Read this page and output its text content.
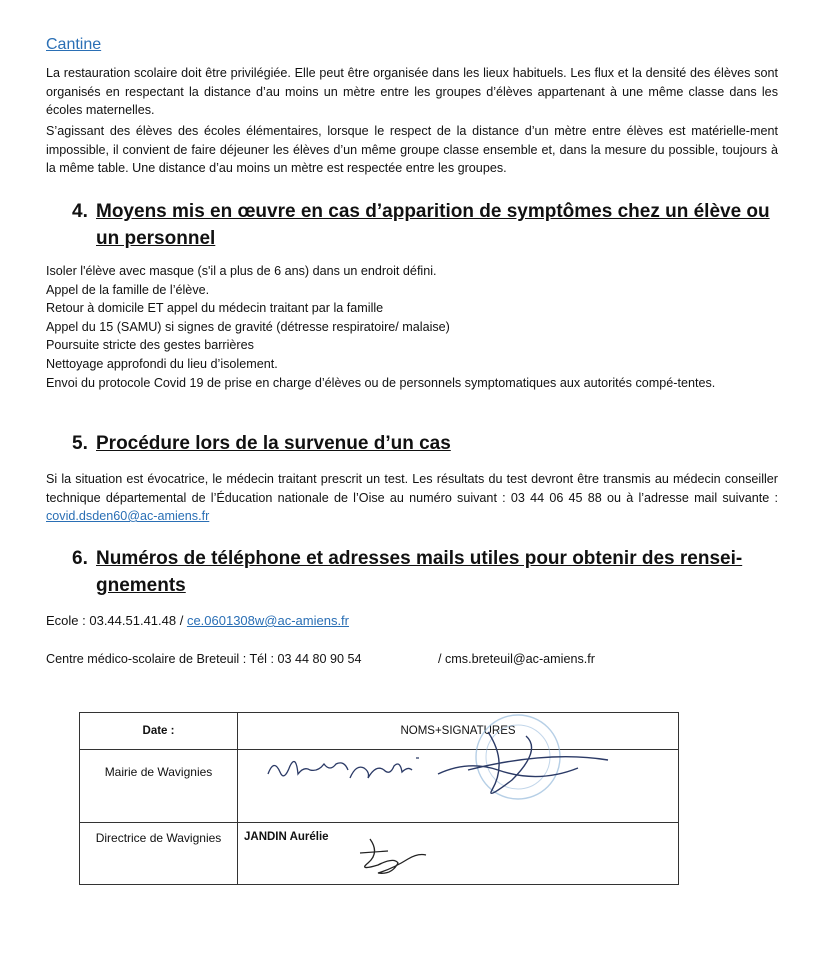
Cantine

La restauration scolaire doit être privilégiée. Elle peut être organisée dans les lieux habituels. Les flux et la densité des élèves sont organisés en respectant la distance d’au moins un mètre entre les groupes d’élèves appartenant à une même classe dans les écoles maternelles.

S’agissant des élèves des écoles élémentaires, lorsque le respect de la distance d’un mètre entre élèves est matérielle-ment impossible, il convient de faire déjeuner les élèves d’un même groupe classe ensemble et, dans la mesure du possible, toujours à la même table. Une distance d’au moins un mètre est respectée entre les groupes.

4. Moyens mis en œuvre en cas d’apparition de symptômes chez un élève ou un personnel
Isoler l'élève avec masque (s'il a plus de 6 ans) dans un endroit défini.
Appel de la famille de l’élève.
Retour à domicile ET appel du médecin traitant par la famille
Appel du 15 (SAMU) si signes de gravité (détresse respiratoire/ malaise)
Poursuite stricte des gestes barrières
Nettoyage approfondi du lieu d’isolement.
Envoi du protocole Covid 19 de prise en charge d’élèves ou de personnels symptomatiques aux autorités compé-tentes.
5. Procédure lors de la survenue d’un cas

Si la situation est évocatrice, le médecin traitant prescrit un test. Les résultats du test devront être transmis au médecin conseiller technique départemental de l’Éducation nationale de l’Oise au numéro suivant : 03 44 06 45 88 ou à l’adresse mail suivante : covid.dsden60@ac-amiens.fr

6. Numéros de téléphone et adresses mails utiles pour obtenir des rensei-gnements
Ecole : 03.44.51.41.48 / ce.0601308w@ac-amiens.fr
Centre médico-scolaire de Breteuil : Tél : 03 44 80 90 54	/ cms.breteuil@ac-amiens.fr
Date :	NOMS+SIGNATURES
Mairie de Wavignies	

Directrice de Wavignies	JANDIN Aurélie
